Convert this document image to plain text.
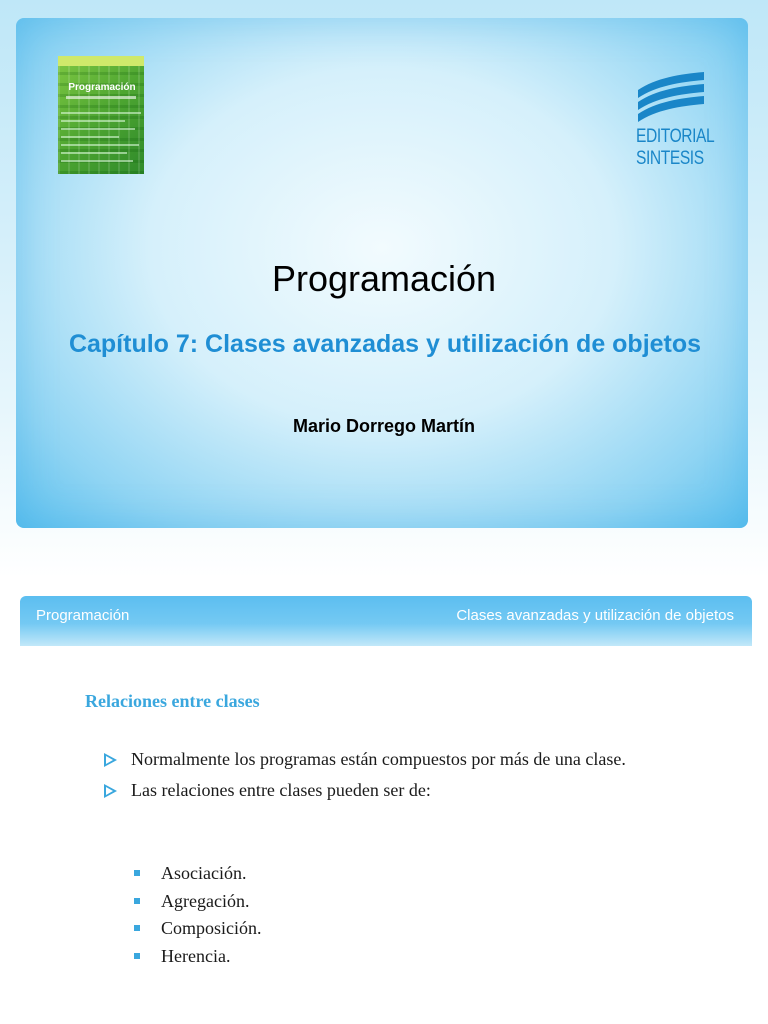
Programación
EDITORIAL
SINTESIS
Programación
Capítulo 7: Clases avanzadas y utilización de objetos
Mario Dorrego Martín
Programación	Clases avanzadas y utilización de objetos
Relaciones entre clases
Normalmente los programas están compuestos por más de una clase.
Las relaciones entre clases pueden ser de:
Asociación.
Agregación.
Composición.
Herencia.
